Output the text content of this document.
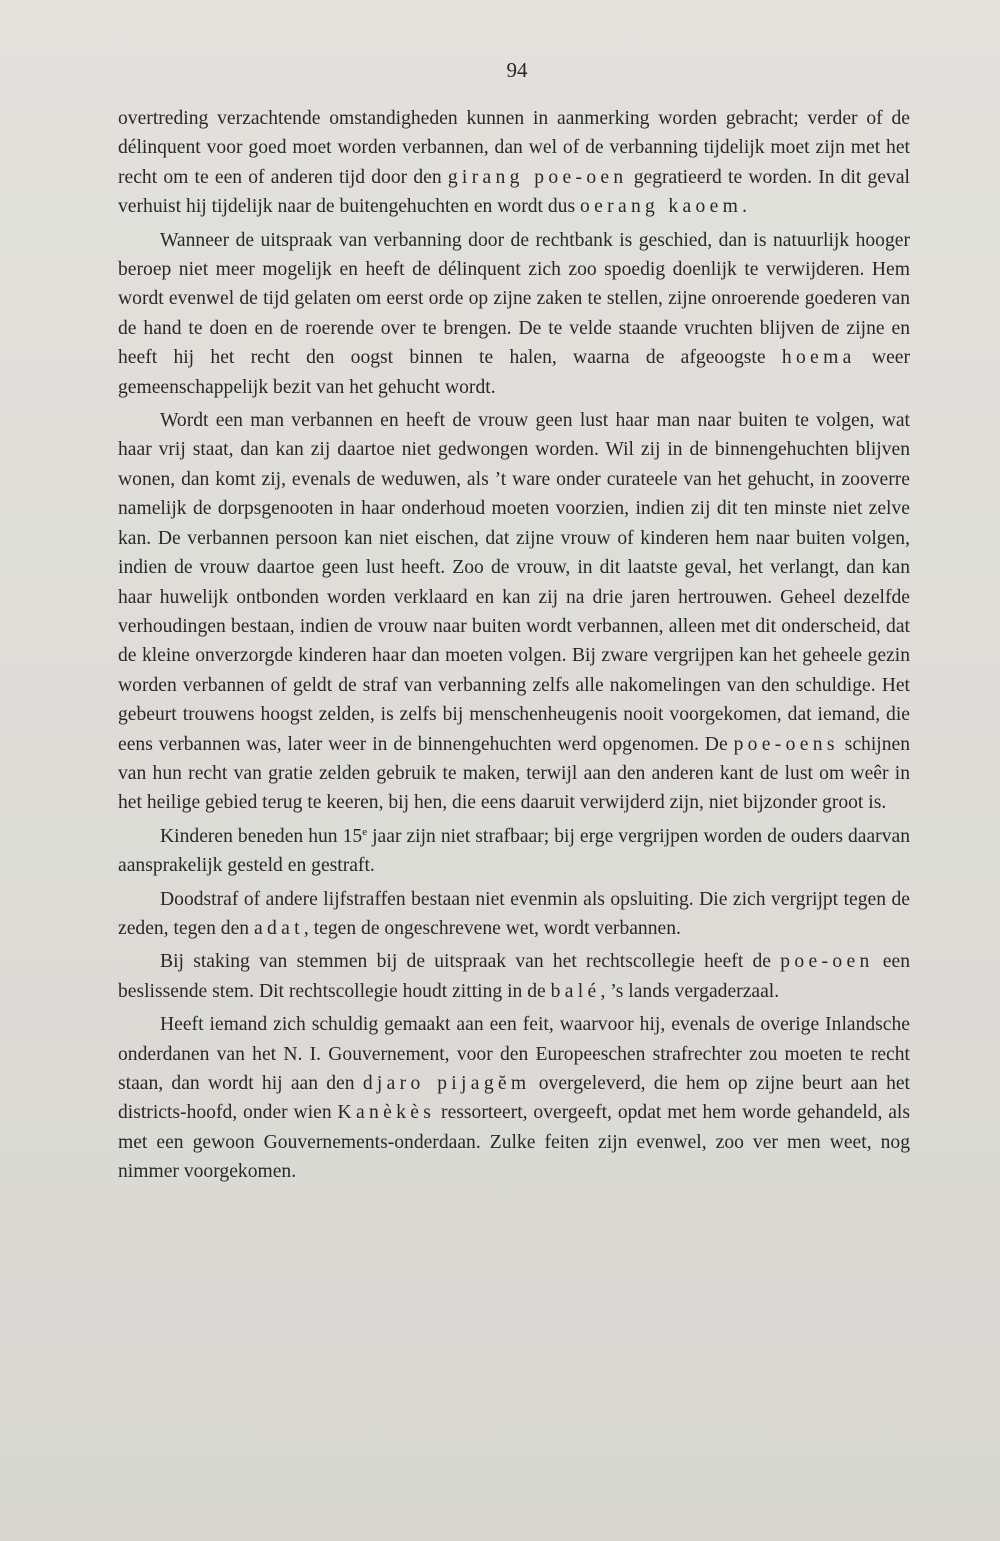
94

overtreding verzachtende omstandigheden kunnen in aanmerking worden gebracht; verder of de délinquent voor goed moet worden verbannen, dan wel of de verbanning tijdelijk moet zijn met het recht om te een of anderen tijd door den girang poe-oen gegratieerd te worden. In dit geval verhuist hij tijdelijk naar de buitengehuchten en wordt dus oerang kaoem.

Wanneer de uitspraak van verbanning door de rechtbank is geschied, dan is natuurlijk hooger beroep niet meer mogelijk en heeft de délinquent zich zoo spoedig doenlijk te verwijderen. Hem wordt evenwel de tijd gelaten om eerst orde op zijne zaken te stellen, zijne onroerende goederen van de hand te doen en de roerende over te brengen. De te velde staande vruchten blijven de zijne en heeft hij het recht den oogst binnen te halen, waarna de afgeoogste hoema weer gemeenschappelijk bezit van het gehucht wordt.

Wordt een man verbannen en heeft de vrouw geen lust haar man naar buiten te volgen, wat haar vrij staat, dan kan zij daartoe niet gedwongen worden. Wil zij in de binnengehuchten blijven wonen, dan komt zij, evenals de weduwen, als ’t ware onder curateele van het gehucht, in zooverre namelijk de dorpsgenooten in haar onderhoud moeten voorzien, indien zij dit ten minste niet zelve kan. De verbannen persoon kan niet eischen, dat zijne vrouw of kinderen hem naar buiten volgen, indien de vrouw daartoe geen lust heeft. Zoo de vrouw, in dit laatste geval, het verlangt, dan kan haar huwelijk ontbonden worden verklaard en kan zij na drie jaren hertrouwen. Geheel dezelfde verhoudingen bestaan, indien de vrouw naar buiten wordt verbannen, alleen met dit onderscheid, dat de kleine onverzorgde kinderen haar dan moeten volgen. Bij zware vergrijpen kan het geheele gezin worden verbannen of geldt de straf van verbanning zelfs alle nakomelingen van den schuldige. Het gebeurt trouwens hoogst zelden, is zelfs bij menschenheugenis nooit voorgekomen, dat iemand, die eens verbannen was, later weer in de binnengehuchten werd opgenomen. De poe-oens schijnen van hun recht van gratie zelden gebruik te maken, terwijl aan den anderen kant de lust om weêr in het heilige gebied terug te keeren, bij hen, die eens daaruit verwijderd zijn, niet bijzonder groot is.

Kinderen beneden hun 15e jaar zijn niet strafbaar; bij erge vergrijpen worden de ouders daarvan aansprakelijk gesteld en gestraft.

Doodstraf of andere lijfstraffen bestaan niet evenmin als opsluiting. Die zich vergrijpt tegen de zeden, tegen den adat, tegen de ongeschrevene wet, wordt verbannen.

Bij staking van stemmen bij de uitspraak van het rechtscollegie heeft de poe-oen een beslissende stem. Dit rechtscollegie houdt zitting in de balé, ’s lands vergaderzaal.

Heeft iemand zich schuldig gemaakt aan een feit, waarvoor hij, evenals de overige Inlandsche onderdanen van het N. I. Gouvernement, voor den Europeeschen strafrechter zou moeten te recht staan, dan wordt hij aan den djaro pijagĕm overgeleverd, die hem op zijne beurt aan het districts-hoofd, onder wien Kanèkès ressorteert, overgeeft, opdat met hem worde gehandeld, als met een gewoon Gouvernements-onderdaan. Zulke feiten zijn evenwel, zoo ver men weet, nog nimmer voorgekomen.
